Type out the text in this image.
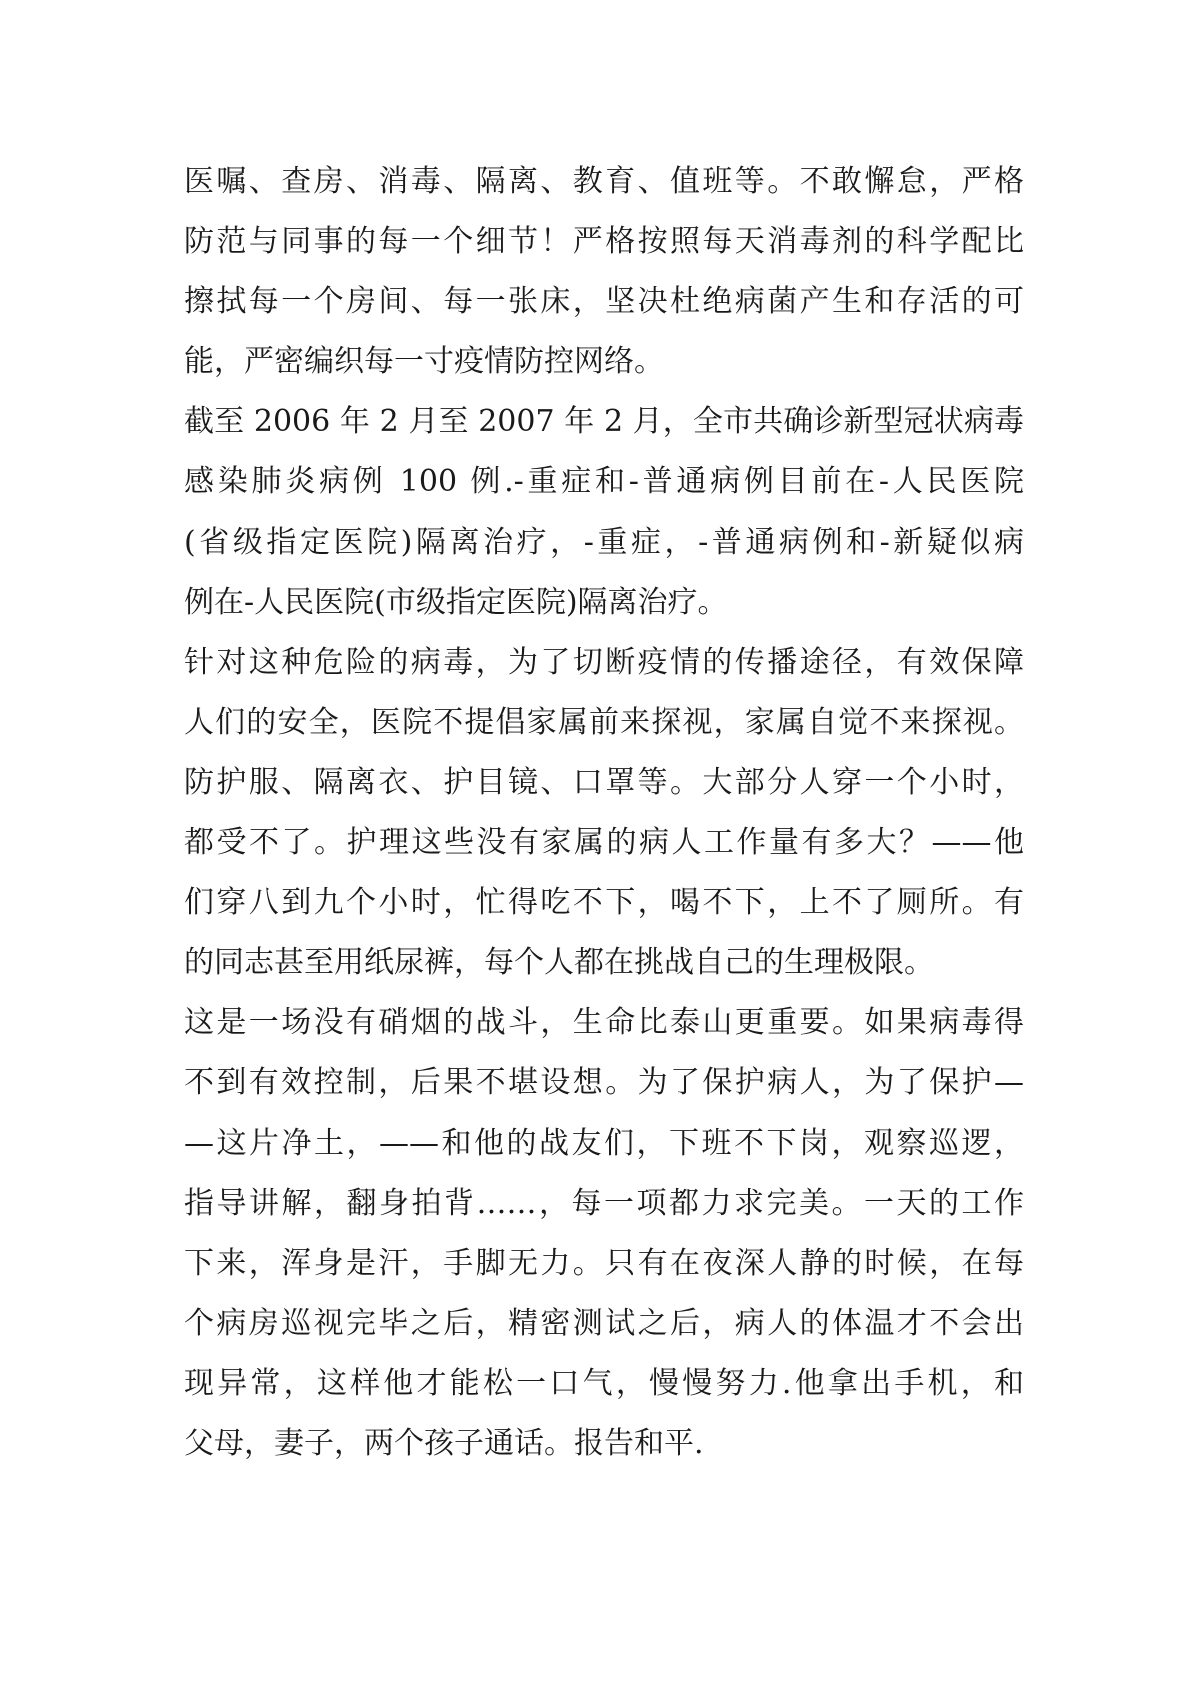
医嘱、查房、消毒、隔离、教育、值班等。不敢懈怠，严格
防范与同事的每一个细节！严格按照每天消毒剂的科学配比
擦拭每一个房间、每一张床，坚决杜绝病菌产生和存活的可
能，严密编织每一寸疫情防控网络。
截至 2006 年 2 月至 2007 年 2 月，全市共确诊新型冠状病毒
感染肺炎病例 100 例.-重症和-普通病例目前在-人民医院
(省级指定医院)隔离治疗，-重症，-普通病例和-新疑似病
例在-人民医院(市级指定医院)隔离治疗。
针对这种危险的病毒，为了切断疫情的传播途径，有效保障
人们的安全，医院不提倡家属前来探视，家属自觉不来探视。
防护服、隔离衣、护目镜、口罩等。大部分人穿一个小时，
都受不了。护理这些没有家属的病人工作量有多大？——他
们穿八到九个小时，忙得吃不下，喝不下，上不了厕所。有
的同志甚至用纸尿裤，每个人都在挑战自己的生理极限。
这是一场没有硝烟的战斗，生命比泰山更重要。如果病毒得
不到有效控制，后果不堪设想。为了保护病人，为了保护—
—这片净土，——和他的战友们，下班不下岗，观察巡逻，
指导讲解，翻身拍背……，每一项都力求完美。一天的工作
下来，浑身是汗，手脚无力。只有在夜深人静的时候，在每
个病房巡视完毕之后，精密测试之后，病人的体温才不会出
现异常，这样他才能松一口气，慢慢努力.他拿出手机，和
父母，妻子，两个孩子通话。报告和平.
